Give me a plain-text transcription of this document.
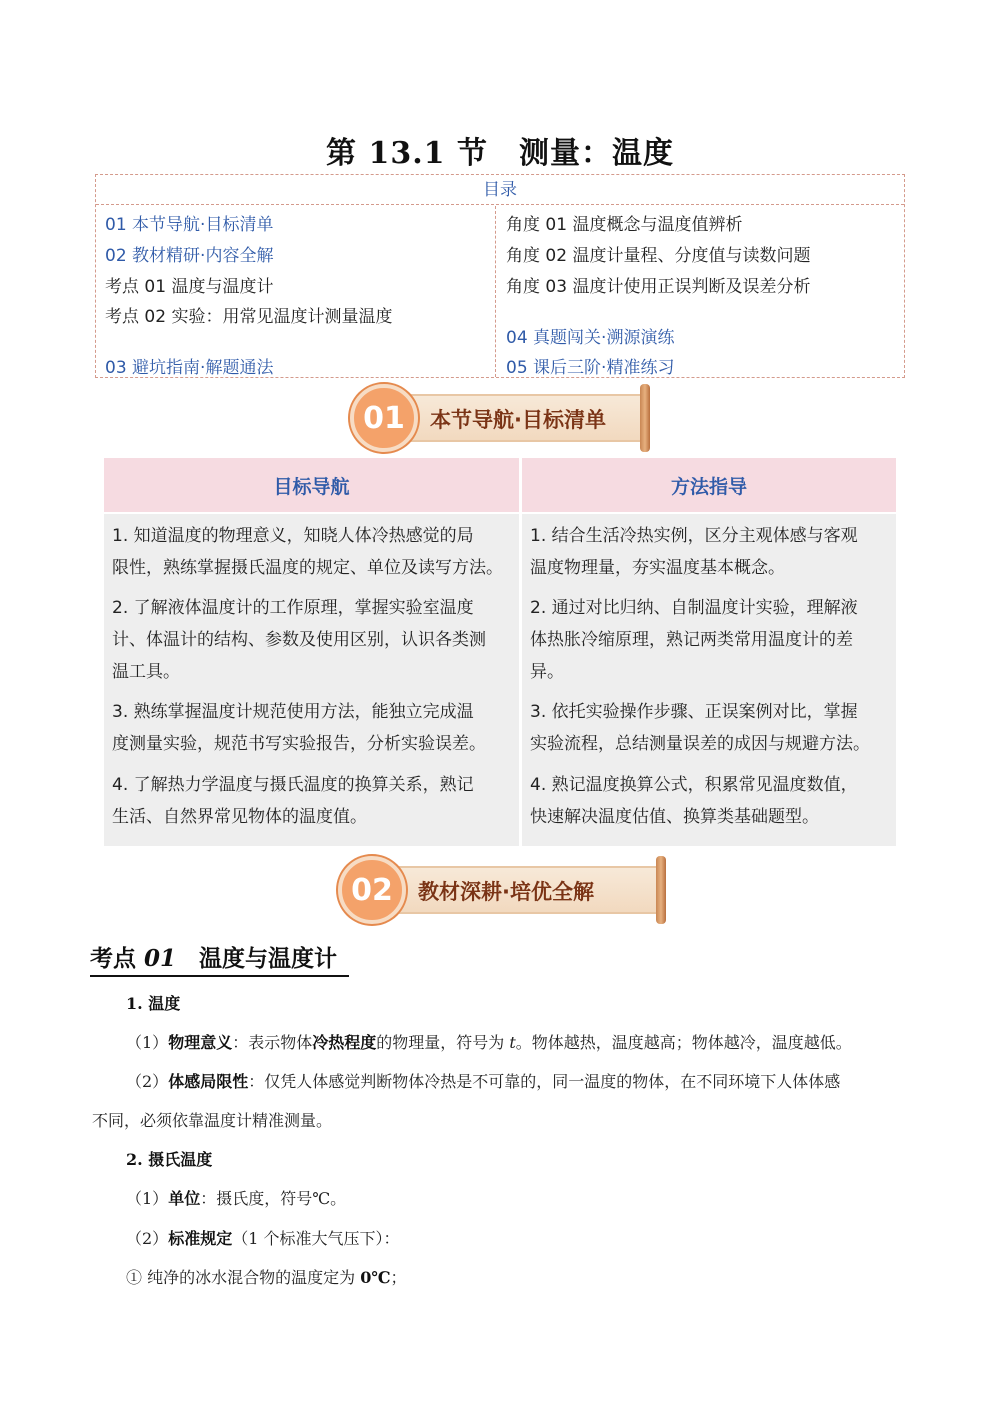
第 13.1 节　测量：温度
目录
01 本节导航·目标清单
02 教材精研·内容全解
考点 01 温度与温度计
考点 02 实验：用常见温度计测量温度
03 避坑指南·解题通法
角度 01 温度概念与温度值辨析
角度 02 温度计量程、分度值与读数问题
角度 03 温度计使用正误判断及误差分析
04 真题闯关·溯源演练
05 课后三阶·精准练习
01 本节导航·目标清单
目标导航	方法指导
1. 知道温度的物理意义，知晓人体冷热感觉的局
限性，熟练掌握摄氏温度的规定、单位及读写方法。
2. 了解液体温度计的工作原理，掌握实验室温度
计、体温计的结构、参数及使用区别，认识各类测
温工具。
3. 熟练掌握温度计规范使用方法，能独立完成温
度测量实验，规范书写实验报告，分析实验误差。
4. 了解热力学温度与摄氏温度的换算关系，熟记
生活、自然界常见物体的温度值。
1. 结合生活冷热实例，区分主观体感与客观
温度物理量，夯实温度基本概念。
2. 通过对比归纳、自制温度计实验，理解液
体热胀冷缩原理，熟记两类常用温度计的差
异。
3. 依托实验操作步骤、正误案例对比，掌握
实验流程，总结测量误差的成因与规避方法。
4. 熟记温度换算公式，积累常见温度数值，
快速解决温度估值、换算类基础题型。
02 教材深耕·培优全解
考点 01　温度与温度计
1. 温度
（1）物理意义：表示物体冷热程度的物理量，符号为 t。物体越热，温度越高；物体越冷，温度越低。
（2）体感局限性：仅凭人体感觉判断物体冷热是不可靠的，同一温度的物体，在不同环境下人体体感
不同，必须依靠温度计精准测量。
2. 摄氏温度
（1）单位：摄氏度，符号℃。
（2）标准规定（1 个标准大气压下）：
① 纯净的冰水混合物的温度定为 0℃；
